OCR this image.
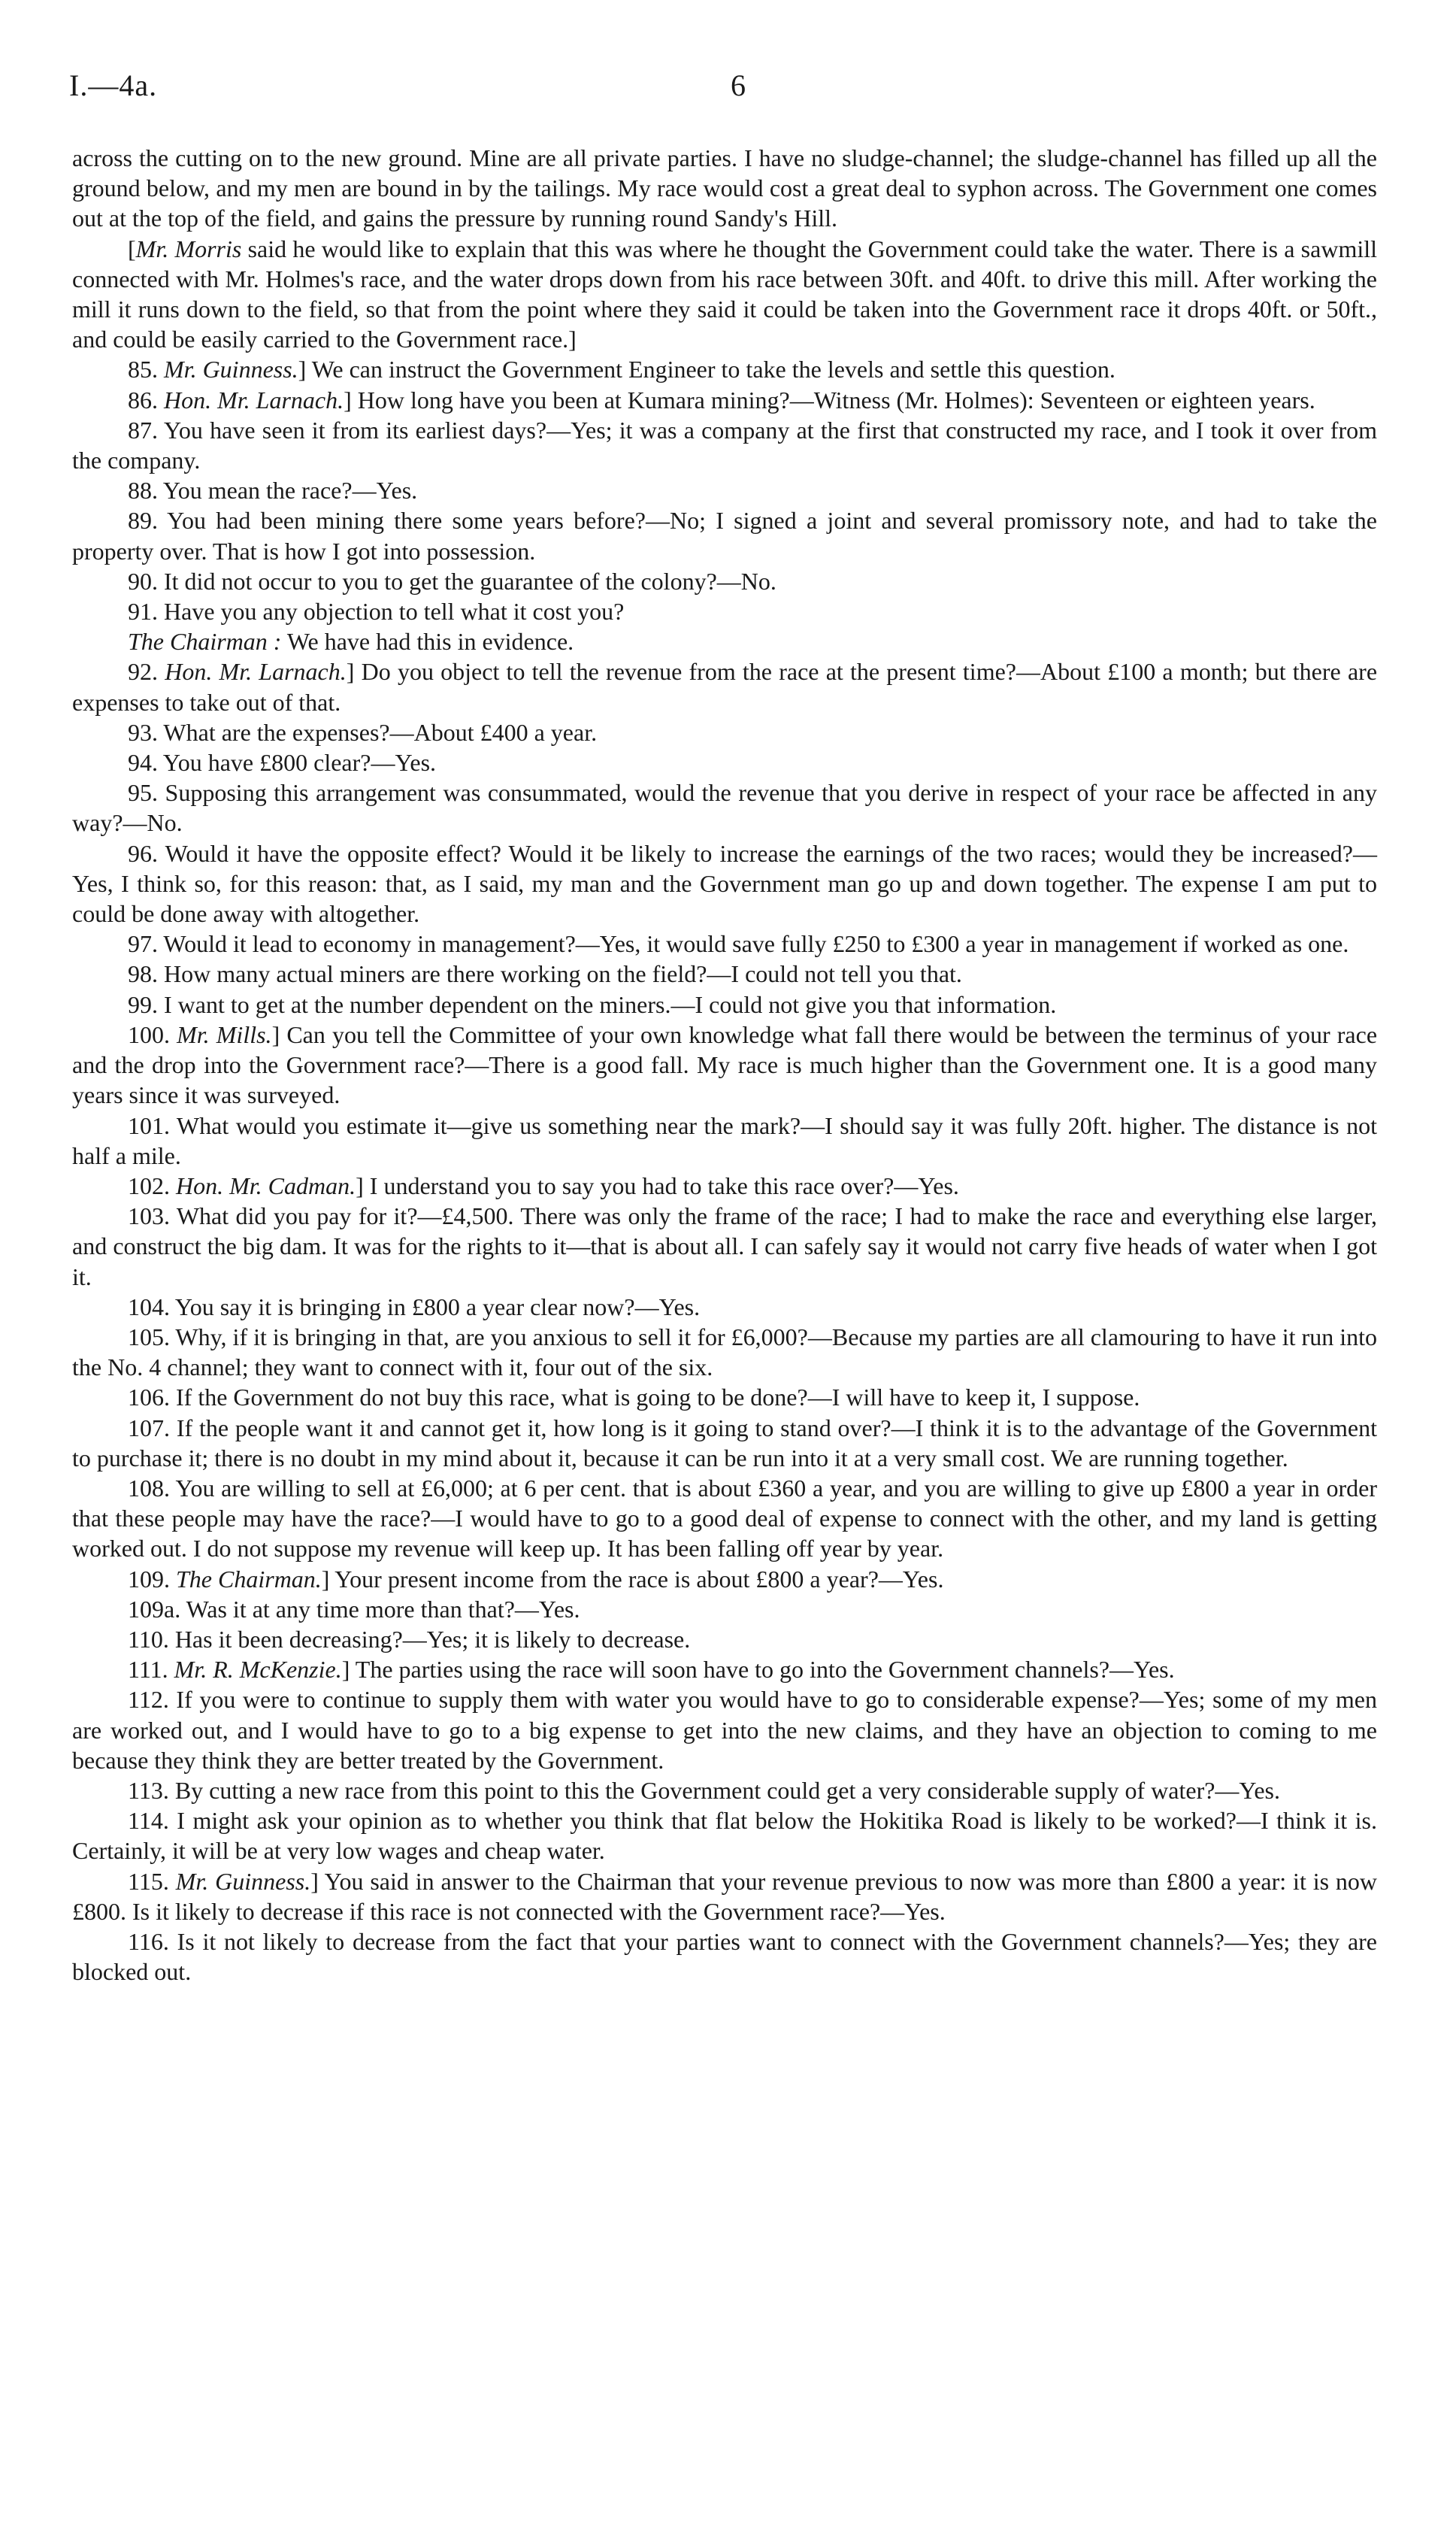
I.—4a.	6

across the cutting on to the new ground. Mine are all private parties. I have no sludge-channel; the sludge-channel has filled up all the ground below, and my men are bound in by the tailings. My race would cost a great deal to syphon across. The Government one comes out at the top of the field, and gains the pressure by running round Sandy's Hill.

[Mr. Morris said he would like to explain that this was where he thought the Government could take the water. There is a sawmill connected with Mr. Holmes's race, and the water drops down from his race between 30ft. and 40ft. to drive this mill. After working the mill it runs down to the field, so that from the point where they said it could be taken into the Government race it drops 40ft. or 50ft., and could be easily carried to the Government race.]

85. Mr. Guinness.] We can instruct the Government Engineer to take the levels and settle this question.

86. Hon. Mr. Larnach.] How long have you been at Kumara mining?—Witness (Mr. Holmes): Seventeen or eighteen years.

87. You have seen it from its earliest days?—Yes; it was a company at the first that constructed my race, and I took it over from the company.

88. You mean the race?—Yes.

89. You had been mining there some years before?—No; I signed a joint and several promissory note, and had to take the property over. That is how I got into possession.

90. It did not occur to you to get the guarantee of the colony?—No.

91. Have you any objection to tell what it cost you?

The Chairman : We have had this in evidence.

92. Hon. Mr. Larnach.] Do you object to tell the revenue from the race at the present time?—About £100 a month; but there are expenses to take out of that.

93. What are the expenses?—About £400 a year.

94. You have £800 clear?—Yes.

95. Supposing this arrangement was consummated, would the revenue that you derive in respect of your race be affected in any way?—No.

96. Would it have the opposite effect? Would it be likely to increase the earnings of the two races; would they be increased?—Yes, I think so, for this reason: that, as I said, my man and the Government man go up and down together. The expense I am put to could be done away with altogether.

97. Would it lead to economy in management?—Yes, it would save fully £250 to £300 a year in management if worked as one.

98. How many actual miners are there working on the field?—I could not tell you that.

99. I want to get at the number dependent on the miners.—I could not give you that information.

100. Mr. Mills.] Can you tell the Committee of your own knowledge what fall there would be between the terminus of your race and the drop into the Government race?—There is a good fall. My race is much higher than the Government one. It is a good many years since it was surveyed.

101. What would you estimate it—give us something near the mark?—I should say it was fully 20ft. higher. The distance is not half a mile.

102. Hon. Mr. Cadman.] I understand you to say you had to take this race over?—Yes.

103. What did you pay for it?—£4,500. There was only the frame of the race; I had to make the race and everything else larger, and construct the big dam. It was for the rights to it—that is about all. I can safely say it would not carry five heads of water when I got it.

104. You say it is bringing in £800 a year clear now?—Yes.

105. Why, if it is bringing in that, are you anxious to sell it for £6,000?—Because my parties are all clamouring to have it run into the No. 4 channel; they want to connect with it, four out of the six.

106. If the Government do not buy this race, what is going to be done?—I will have to keep it, I suppose.

107. If the people want it and cannot get it, how long is it going to stand over?—I think it is to the advantage of the Government to purchase it; there is no doubt in my mind about it, because it can be run into it at a very small cost. We are running together.

108. You are willing to sell at £6,000; at 6 per cent. that is about £360 a year, and you are willing to give up £800 a year in order that these people may have the race?—I would have to go to a good deal of expense to connect with the other, and my land is getting worked out. I do not suppose my revenue will keep up. It has been falling off year by year.

109. The Chairman.] Your present income from the race is about £800 a year?—Yes.

109a. Was it at any time more than that?—Yes.

110. Has it been decreasing?—Yes; it is likely to decrease.

111. Mr. R. McKenzie.] The parties using the race will soon have to go into the Government channels?—Yes.

112. If you were to continue to supply them with water you would have to go to considerable expense?—Yes; some of my men are worked out, and I would have to go to a big expense to get into the new claims, and they have an objection to coming to me because they think they are better treated by the Government.

113. By cutting a new race from this point to this the Government could get a very considerable supply of water?—Yes.

114. I might ask your opinion as to whether you think that flat below the Hokitika Road is likely to be worked?—I think it is. Certainly, it will be at very low wages and cheap water.

115. Mr. Guinness.] You said in answer to the Chairman that your revenue previous to now was more than £800 a year: it is now £800. Is it likely to decrease if this race is not connected with the Government race?—Yes.

116. Is it not likely to decrease from the fact that your parties want to connect with the Government channels?—Yes; they are blocked out.
